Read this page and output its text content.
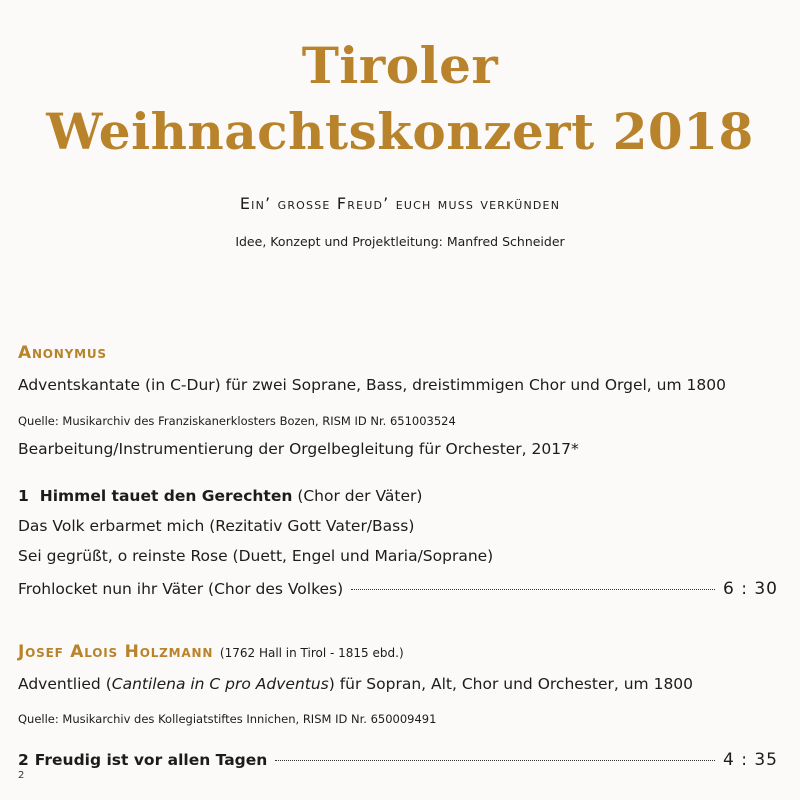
Tiroler
Weihnachtskonzert 2018
Ein’ grosse Freud’ euch muss verkünden
Idee, Konzept und Projektleitung: Manfred Schneider
Anonymus
Adventskantate (in C-Dur) für zwei Soprane, Bass, dreistimmigen Chor und Orgel, um 1800
Quelle: Musikarchiv des Franziskanerklosters Bozen, RISM ID Nr. 651003524
Bearbeitung/Instrumentierung der Orgelbegleitung für Orchester, 2017*
1 Himmel tauet den Gerechten (Chor der Väter)
Das Volk erbarmet mich (Rezitativ Gott Vater/Bass)
Sei gegrüßt, o reinste Rose (Duett, Engel und Maria/Soprane)
Frohlocket nun ihr Väter (Chor des Volkes)	6 : 30
Josef Alois Holzmann (1762 Hall in Tirol - 1815 ebd.)
Adventlied (Cantilena in C pro Adventus) für Sopran, Alt, Chor und Orchester, um 1800
Quelle: Musikarchiv des Kollegiatstiftes Innichen, RISM ID Nr. 650009491
2 Freudig ist vor allen Tagen	4 : 35
2
